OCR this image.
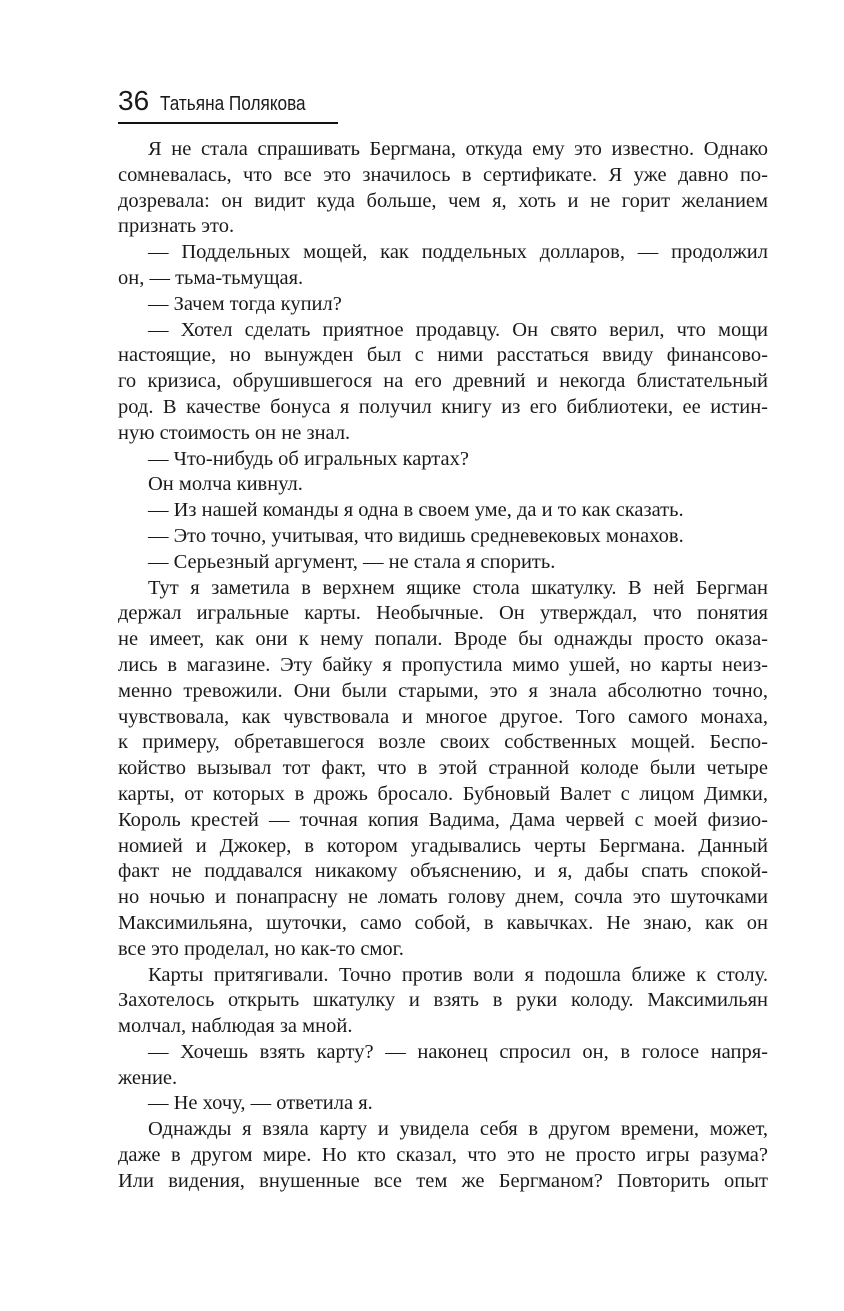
36 Татьяна Полякова
Я не стала спрашивать Бергмана, откуда ему это известно. Однако
сомневалась, что все это значилось в сертификате. Я уже давно по-
дозревала: он видит куда больше, чем я, хоть и не горит желанием
признать это.
— Поддельных мощей, как поддельных долларов, — продолжил
он, — тьма-тьмущая.
— Зачем тогда купил?
— Хотел сделать приятное продавцу. Он свято верил, что мощи
настоящие, но вынужден был с ними расстаться ввиду финансово-
го кризиса, обрушившегося на его древний и некогда блистательный
род. В качестве бонуса я получил книгу из его библиотеки, ее истин-
ную стоимость он не знал.
— Что-нибудь об игральных картах?
Он молча кивнул.
— Из нашей команды я одна в своем уме, да и то как сказать.
— Это точно, учитывая, что видишь средневековых монахов.
— Серьезный аргумент, — не стала я спорить.
Тут я заметила в верхнем ящике стола шкатулку. В ней Бергман
держал игральные карты. Необычные. Он утверждал, что понятия
не имеет, как они к нему попали. Вроде бы однажды просто оказа-
лись в магазине. Эту байку я пропустила мимо ушей, но карты неиз-
менно тревожили. Они были старыми, это я знала абсолютно точно,
чувствовала, как чувствовала и многое другое. Того самого монаха,
к примеру, обретавшегося возле своих собственных мощей. Беспо-
койство вызывал тот факт, что в этой странной колоде были четыре
карты, от которых в дрожь бросало. Бубновый Валет с лицом Димки,
Король крестей — точная копия Вадима, Дама червей с моей физио-
номией и Джокер, в котором угадывались черты Бергмана. Данный
факт не поддавался никакому объяснению, и я, дабы спать спокой-
но ночью и понапрасну не ломать голову днем, сочла это шуточками
Максимильяна, шуточки, само собой, в кавычках. Не знаю, как он
все это проделал, но как-то смог.
Карты притягивали. Точно против воли я подошла ближе к столу.
Захотелось открыть шкатулку и взять в руки колоду. Максимильян
молчал, наблюдая за мной.
— Хочешь взять карту? — наконец спросил он, в голосе напря-
жение.
— Не хочу, — ответила я.
Однажды я взяла карту и увидела себя в другом времени, может,
даже в другом мире. Но кто сказал, что это не просто игры разума?
Или видения, внушенные все тем же Бергманом? Повторить опыт
